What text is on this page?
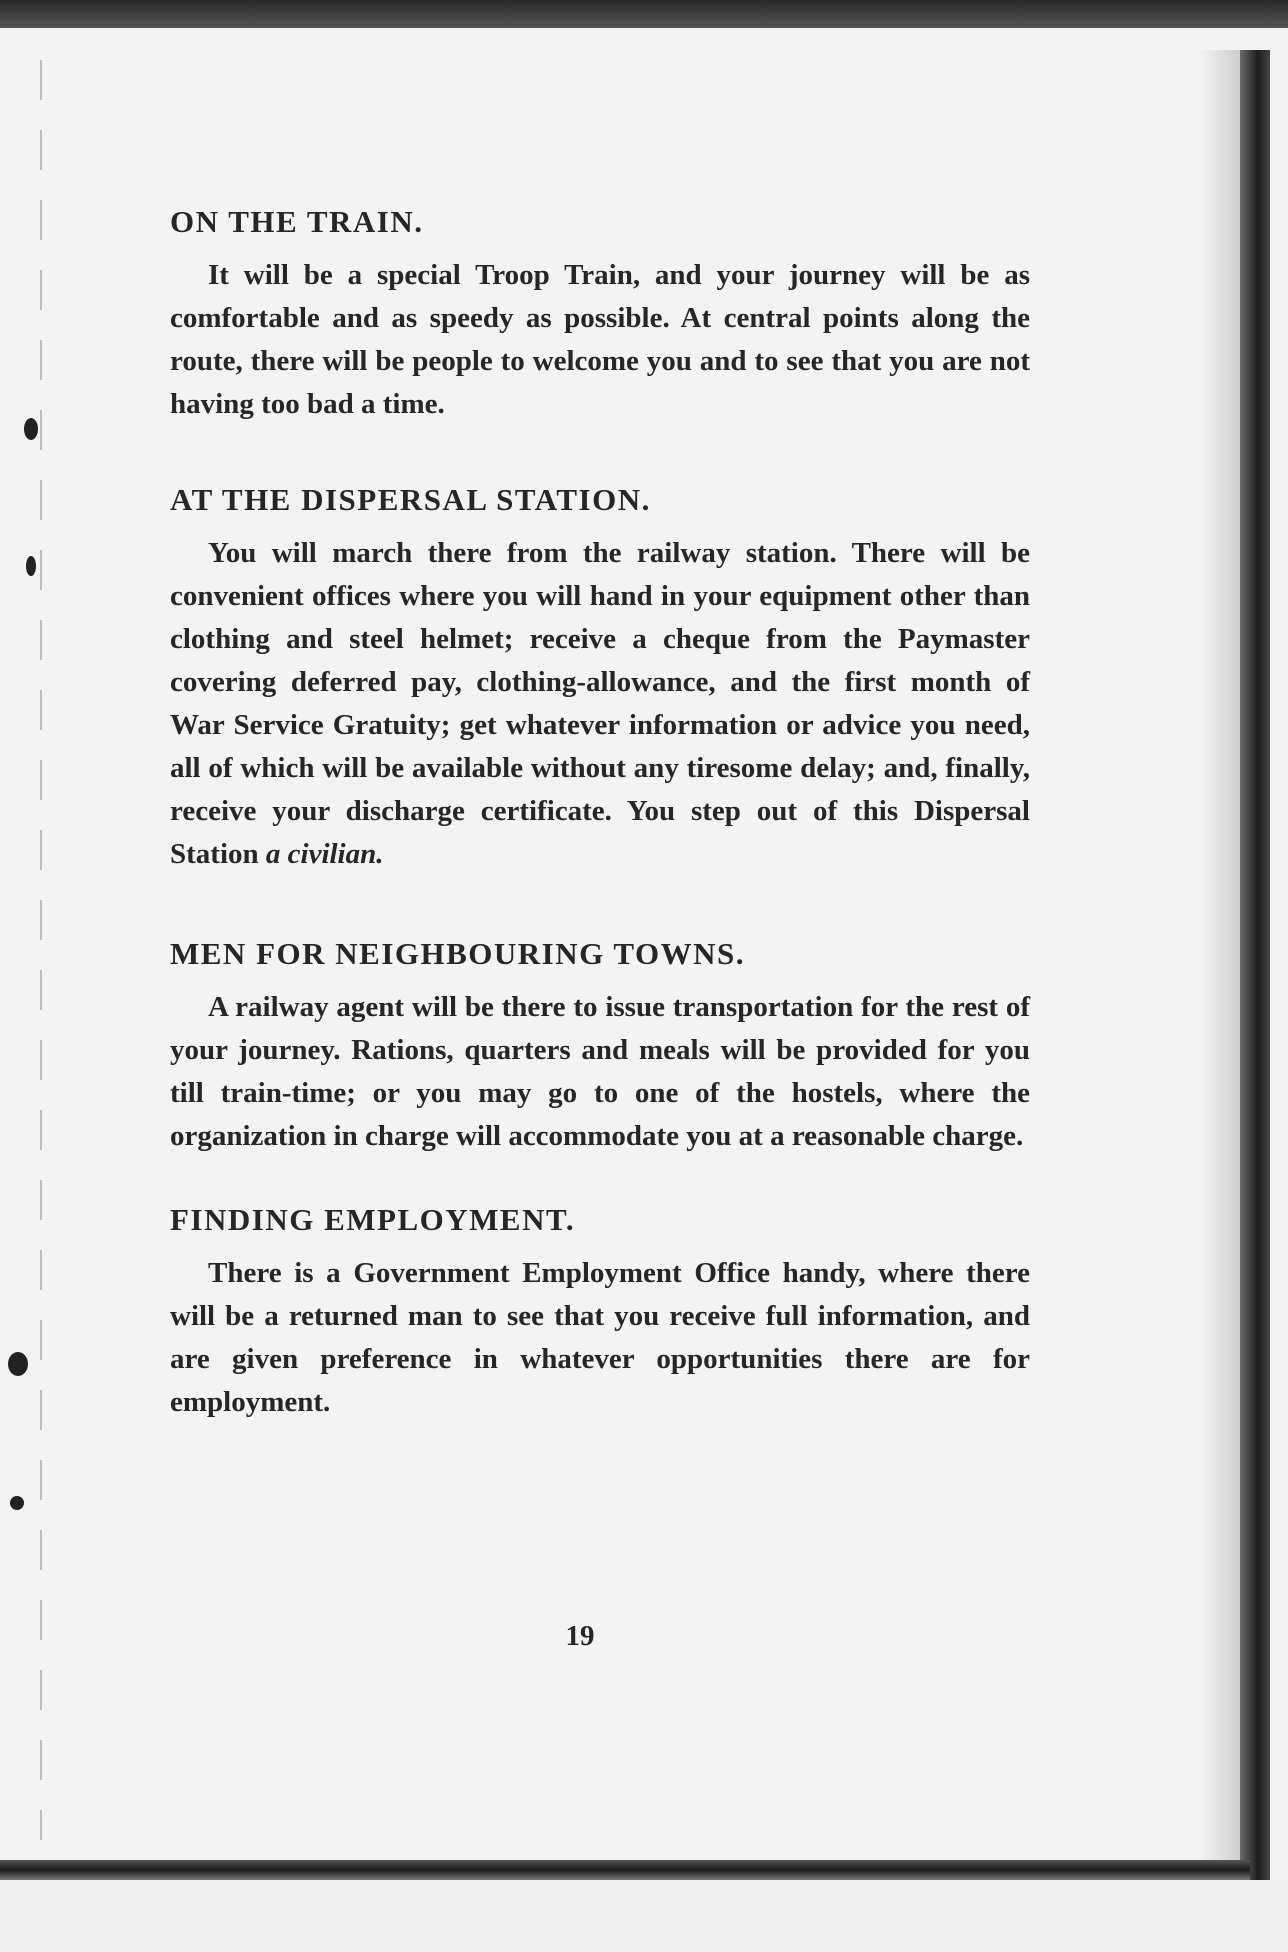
ON THE TRAIN.

It will be a special Troop Train, and your journey will be as comfortable and as speedy as possible. At central points along the route, there will be people to welcome you and to see that you are not having too bad a time.

AT THE DISPERSAL STATION.

You will march there from the railway station. There will be convenient offices where you will hand in your equipment other than clothing and steel helmet; receive a cheque from the Paymaster covering deferred pay, clothing-allowance, and the first month of War Service Gratuity; get whatever information or advice you need, all of which will be available without any tiresome delay; and, finally, receive your discharge certificate. You step out of this Dispersal Station a civilian.

MEN FOR NEIGHBOURING TOWNS.

A railway agent will be there to issue transportation for the rest of your journey. Rations, quarters and meals will be provided for you till train-time; or you may go to one of the hostels, where the organization in charge will accommodate you at a reasonable charge.

FINDING EMPLOYMENT.

There is a Government Employment Office handy, where there will be a returned man to see that you receive full information, and are given preference in whatever opportunities there are for employment.

19
